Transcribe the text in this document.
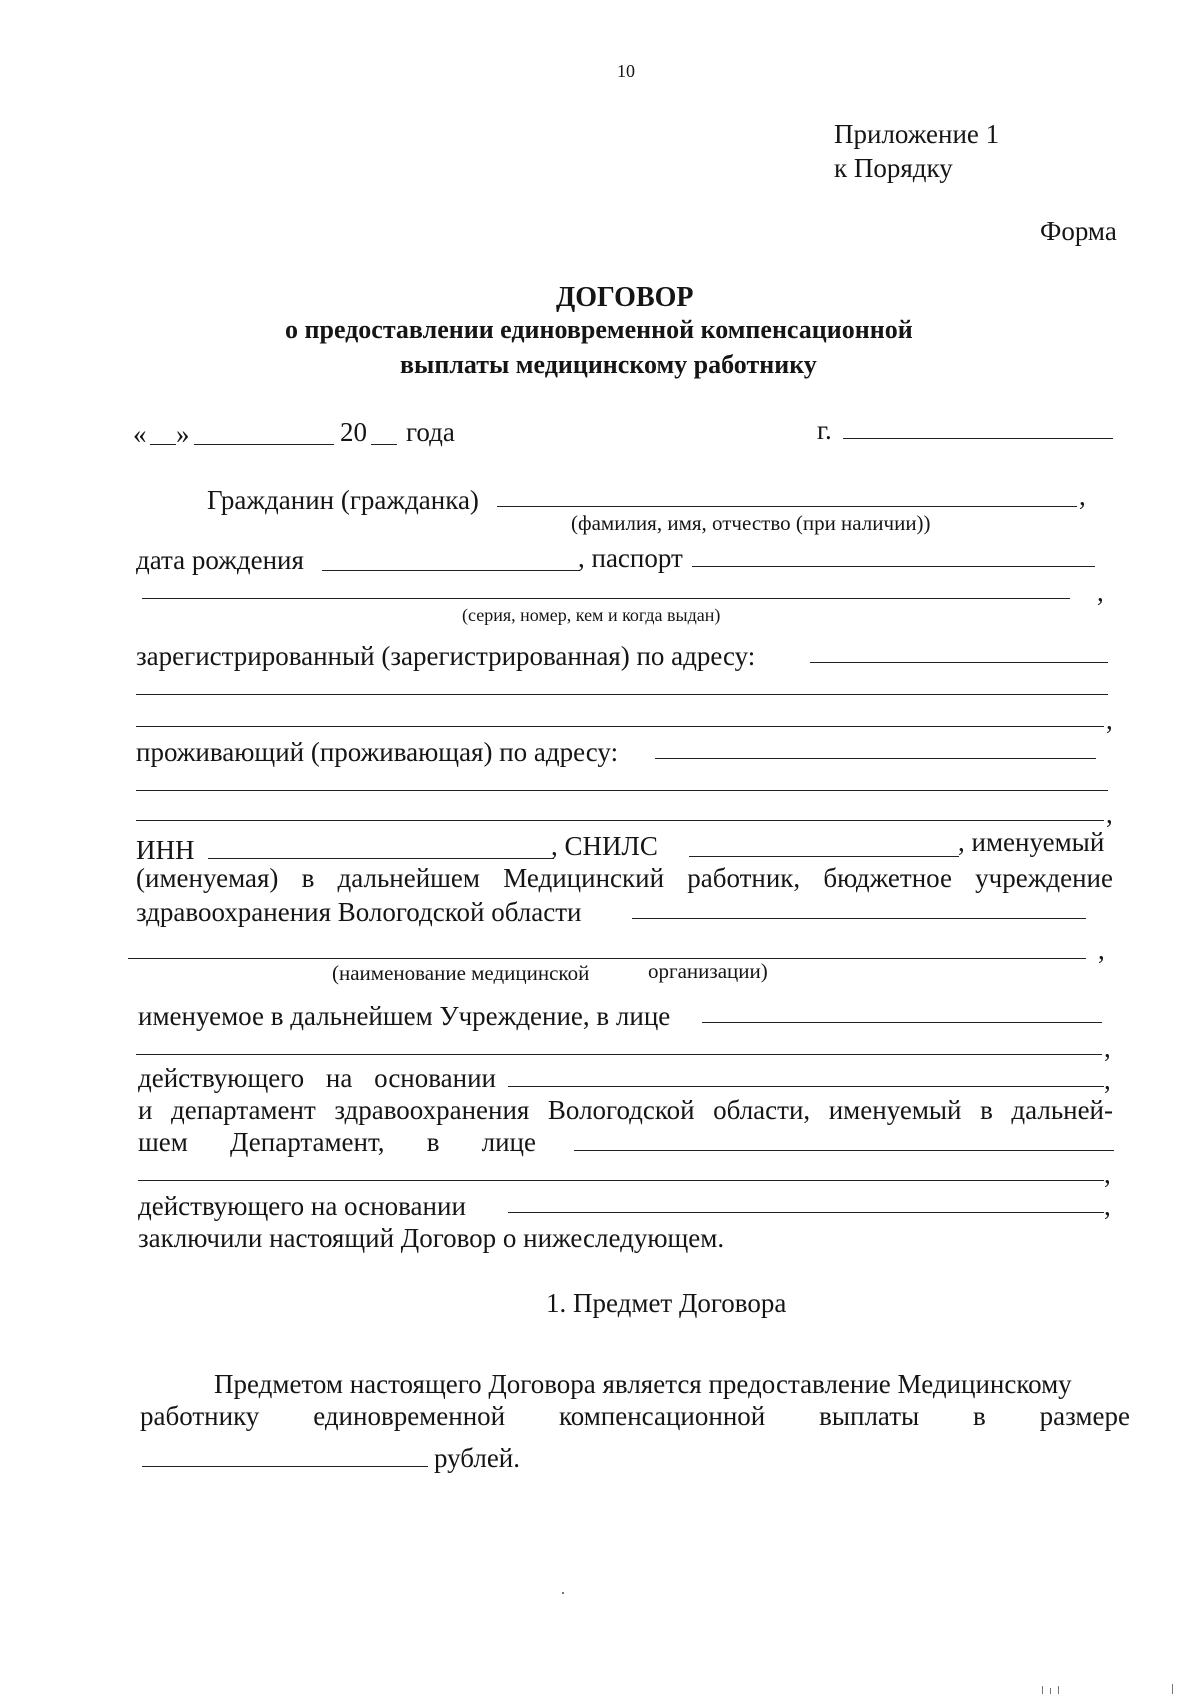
10
Приложение 1
к Порядку
Форма
ДОГОВОР
о предоставлении единовременной компенсационной
выплаты медицинскому работнику
« »	20 года	г.
Гражданин (гражданка)	,
(фамилия, имя, отчество (при наличии))
дата рождения	, паспорт
,
(серия, номер, кем и когда выдан)
зарегистрированный (зарегистрированная) по адресу:
,
проживающий (проживающая) по адресу:
,
ИНН	, СНИЛС	, именуемый
(именуемая) в дальнейшем Медицинский работник, бюджетное учреждение
здравоохранения Вологодской области
,
(наименование медицинской	организации)
именуемое в дальнейшем Учреждение, в лице
,
действующего на основании	,
и департамент здравоохранения Вологодской области, именуемый в дальней-
шем Департамент, в лице
,
действующего на основании	,
заключили настоящий Договор о нижеследующем.
1. Предмет Договора
Предметом настоящего Договора является предоставление Медицинскому
работнику единовременной компенсационной выплаты в размере
рублей.
